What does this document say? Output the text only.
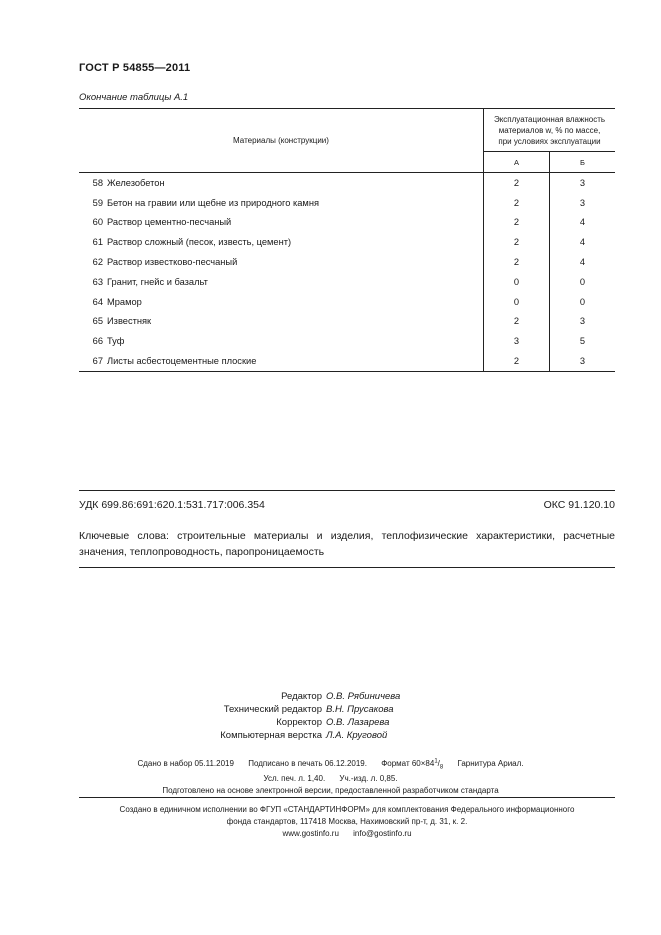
ГОСТ Р 54855—2011
Окончание таблицы А.1
Материалы (конструкции)		Эксплуатационная влажность
материалов w, % по массе,
при условиях эксплуатации	

		А	Б
58	Железобетон	2	3
59	Бетон на гравии или щебне из природного камня	2	3
60	Раствор цементно-песчаный	2	4
61	Раствор сложный (песок, известь, цемент)	2	4
62	Раствор известково-песчаный	2	4
63	Гранит, гнейс и базальт	0	0
64	Мрамор	0	0
65	Известняк	2	3
66	Туф	3	5
67	Листы асбестоцементные плоские	2	3
УДК 699.86:691:620.1:531.717:006.354	ОКС 91.120.10
Ключевые слова: строительные материалы и изделия, теплофизические характеристики, расчетные значения, теплопроводность, паропроницаемость
Редактор О.В. Рябиничева
Технический редактор В.Н. Прусакова
Корректор О.В. Лазарева
Компьютерная верстка Л.А. Круговой
Сдано в набор 05.11.2019 Подписано в печать 06.12.2019. Формат $60\times 84^1/_8$ Гарнитура Ариал.
Усл. печ. л. 1,40. Уч.-изд. л. 0,85.
Подготовлено на основе электронной версии, предоставленной разработчиком стандарта
Создано в единичном исполнении во ФГУП «СТАНДАРТИНФОРМ» для комплектования Федерального информационного
фонда стандартов, 117418 Москва, Нахимовский пр-т, д. 31, к. 2.
www.gostinfo.ru info@gostinfo.ru
